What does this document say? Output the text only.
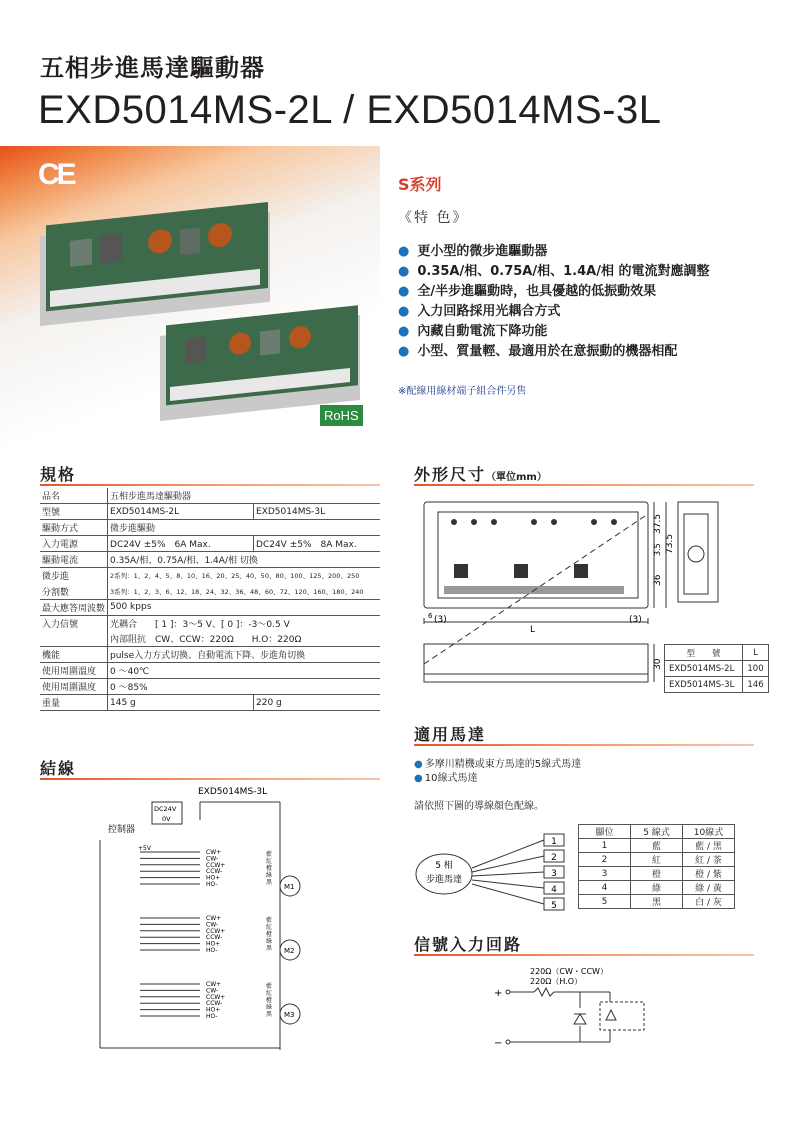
五相步進馬達驅動器
EXD5014MS-2L / EXD5014MS-3L
CE
RoHS
S系列
《特 色》
● 更小型的微步進驅動器
● 0.35A/相、0.75A/相、1.4A/相 的電流對應調整
● 全/半步進驅動時，也具優越的低振動效果
● 入力回路採用光耦合方式
● 內藏自動電流下降功能
● 小型、質量輕、最適用於在意振動的機器相配
※配線用線材端子組合件另售
規格
品名	五相步進馬達驅動器	
型號	EXD5014MS-2L	EXD5014MS-3L
驅動方式	微步進驅動	
入力電源	DC24V ±5%　6A Max.	DC24V ±5%　8A Max.
驅動電流	0.35A/相、0.75A/相、1.4A/相 切換	
微步進	2系列：1、2、4、5、8、10、16、20、25、40、50、80、100、125、200、250	
分割數	3系列：1、2、3、6、12、18、24、32、36、48、60、72、120、160、180、240	
最大應答周波數	500 kpps	
入力信號	光耦合　　[ 1 ]：3～5 V、[ 0 ]：-3～0.5 V	
	內部阻抗　CW、CCW：220Ω　　H.O：220Ω	
機能	pulse入力方式切換、自動電流下降、步進角切換	
使用周圍溫度	0 ～40℃	
使用周圍濕度	0 ～85%	
重量	145 g	220 g
外形尺寸（單位mm）
(3)
L
(3)
37.5
73.5
36
3.5
30
6
型　　號	L
EXD5014MS-2L	100
EXD5014MS-3L	146
適用馬達
● 多摩川精機或東方馬達的5線式馬達
● 10線式馬達
請依照下圖的導線顏色配線。
5 相
步進馬達
1
2
3
4
5
腳位	5 線式	10線式
1	藍	藍 / 黑
2	紅	紅 / 茶
3	橙	橙 / 紫
4	綠	綠 / 黃
5	黑	白 / 灰
信號入力回路
220Ω（CW・CCW）
220Ω（H.O）
+
−
結線
EXD5014MS-3L
DC24V
0V
控制器
+5V
M1
M2
M3
CW+
CW-
CCW+
CCW-
HO+
HO-
藍
紅
橙
綠
黑
CW+
CW-
CCW+
CCW-
HO+
HO-
藍
紅
橙
綠
黑
CW+
CW-
CCW+
CCW-
HO+
HO-
藍
紅
橙
綠
黑
